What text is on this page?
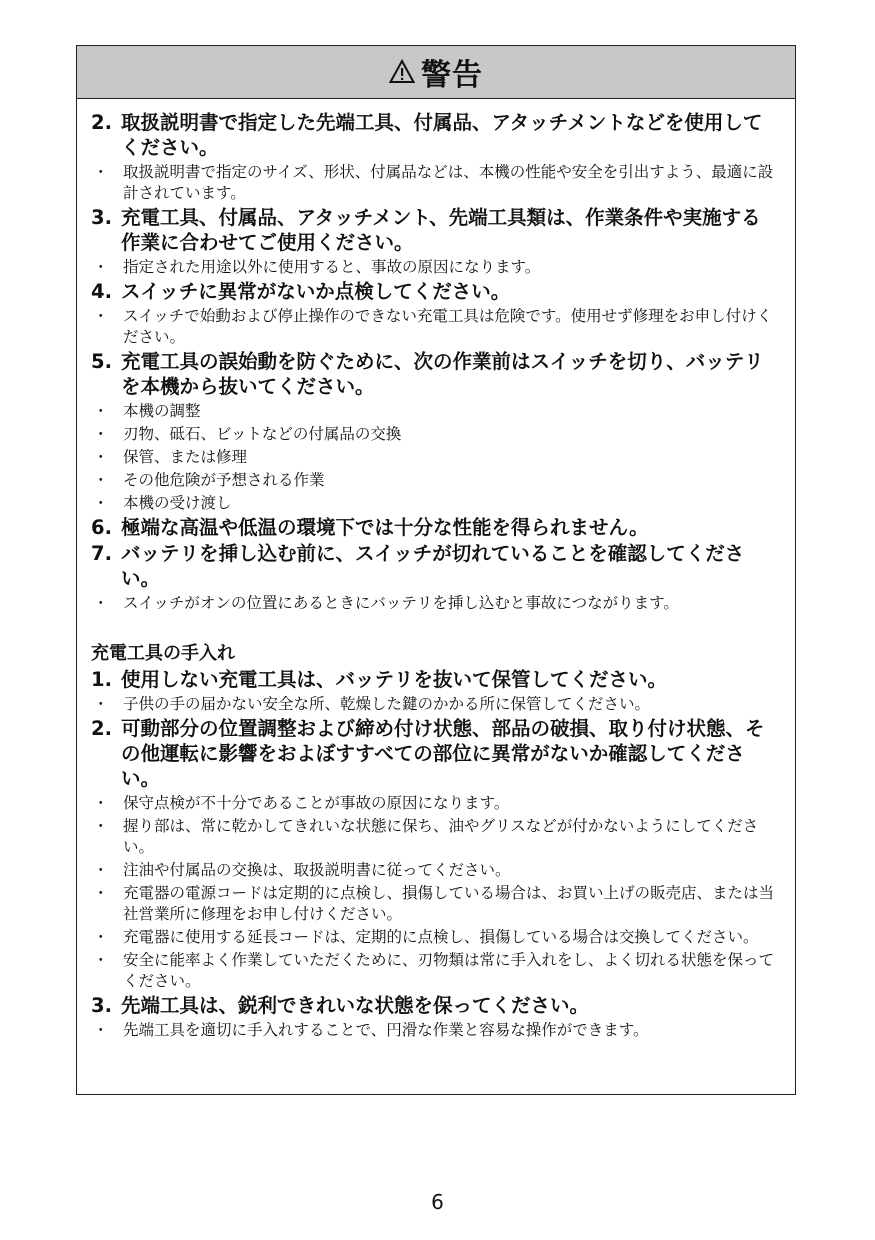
警告
2. 取扱説明書で指定した先端工具、付属品、アタッチメントなどを使用してください。
・ 取扱説明書で指定のサイズ、形状、付属品などは、本機の性能や安全を引出すよう、最適に設計されています。
3. 充電工具、付属品、アタッチメント、先端工具類は、作業条件や実施する作業に合わせてご使用ください。
・ 指定された用途以外に使用すると、事故の原因になります。
4. スイッチに異常がないか点検してください。
・ スイッチで始動および停止操作のできない充電工具は危険です。使用せず修理をお申し付けください。
5. 充電工具の誤始動を防ぐために、次の作業前はスイッチを切り、バッテリを本機から抜いてください。
・ 本機の調整
・ 刃物、砥石、ビットなどの付属品の交換
・ 保管、または修理
・ その他危険が予想される作業
・ 本機の受け渡し
6. 極端な高温や低温の環境下では十分な性能を得られません。
7. バッテリを挿し込む前に、スイッチが切れていることを確認してください。
・ スイッチがオンの位置にあるときにバッテリを挿し込むと事故につながります。
充電工具の手入れ
1. 使用しない充電工具は、バッテリを抜いて保管してください。
・ 子供の手の届かない安全な所、乾燥した鍵のかかる所に保管してください。
2. 可動部分の位置調整および締め付け状態、部品の破損、取り付け状態、その他運転に影響をおよぼすすべての部位に異常がないか確認してください。
・ 保守点検が不十分であることが事故の原因になります。
・ 握り部は、常に乾かしてきれいな状態に保ち、油やグリスなどが付かないようにしてください。
・ 注油や付属品の交換は、取扱説明書に従ってください。
・ 充電器の電源コードは定期的に点検し、損傷している場合は、お買い上げの販売店、または当社営業所に修理をお申し付けください。
・ 充電器に使用する延長コードは、定期的に点検し、損傷している場合は交換してください。
・ 安全に能率よく作業していただくために、刃物類は常に手入れをし、よく切れる状態を保ってください。
3. 先端工具は、鋭利できれいな状態を保ってください。
・ 先端工具を適切に手入れすることで、円滑な作業と容易な操作ができます。
6
